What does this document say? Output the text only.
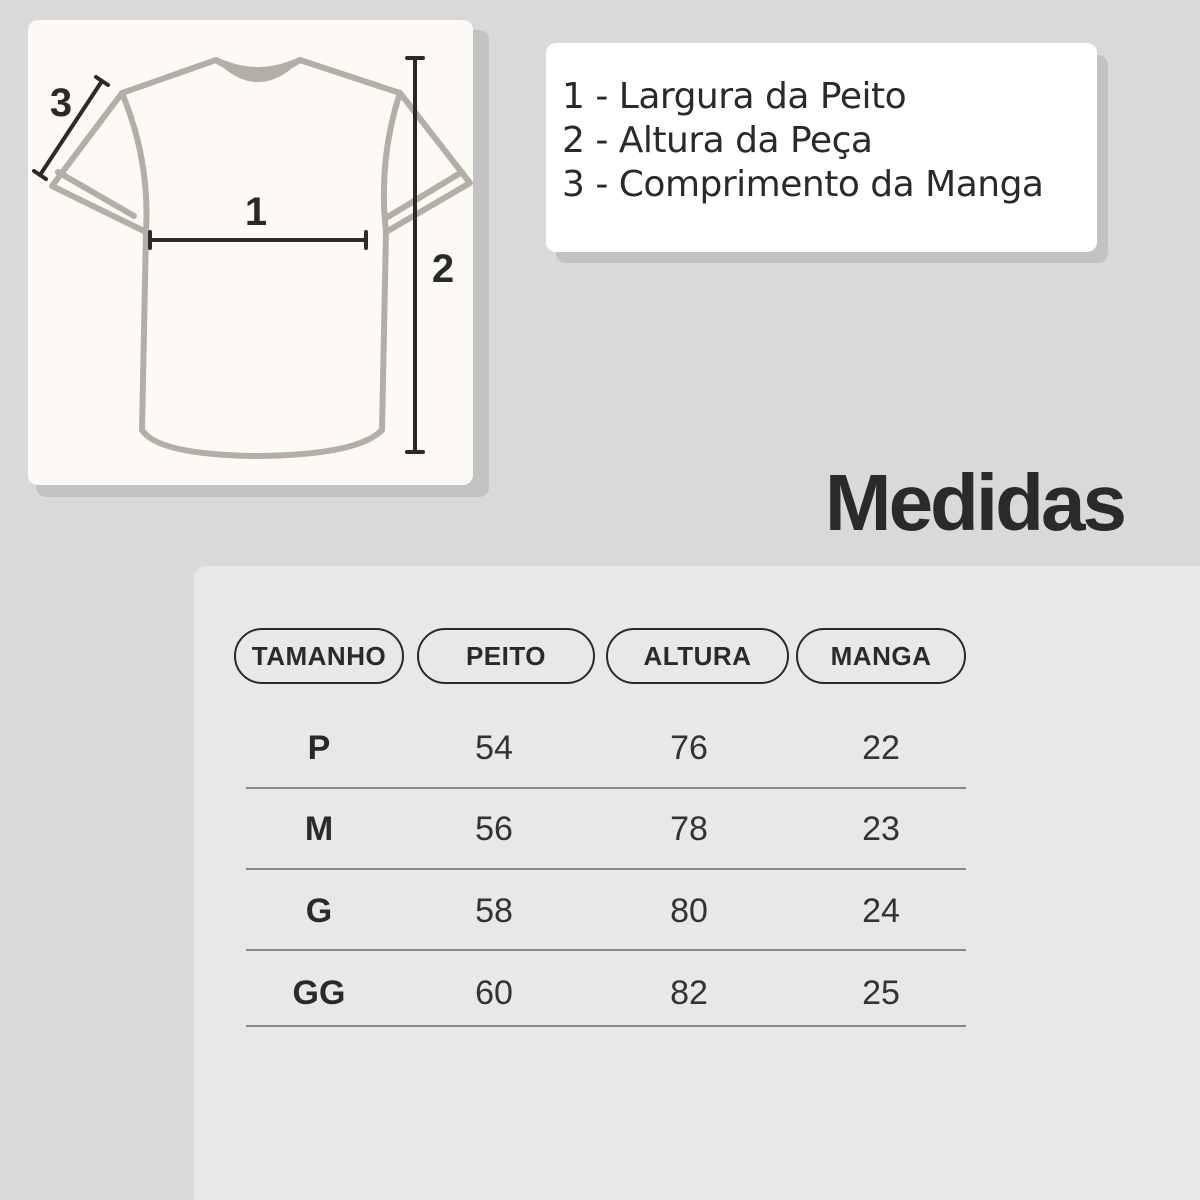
1
2
3	1 - Largura da Peito
2 - Altura da Peça
3 - Comprimento da Manga
Medidas
TAMANHO	PEITO	ALTURA	MANGA
P	54	76	22
M	56	78	23
G	58	80	24
GG	60	82	25
